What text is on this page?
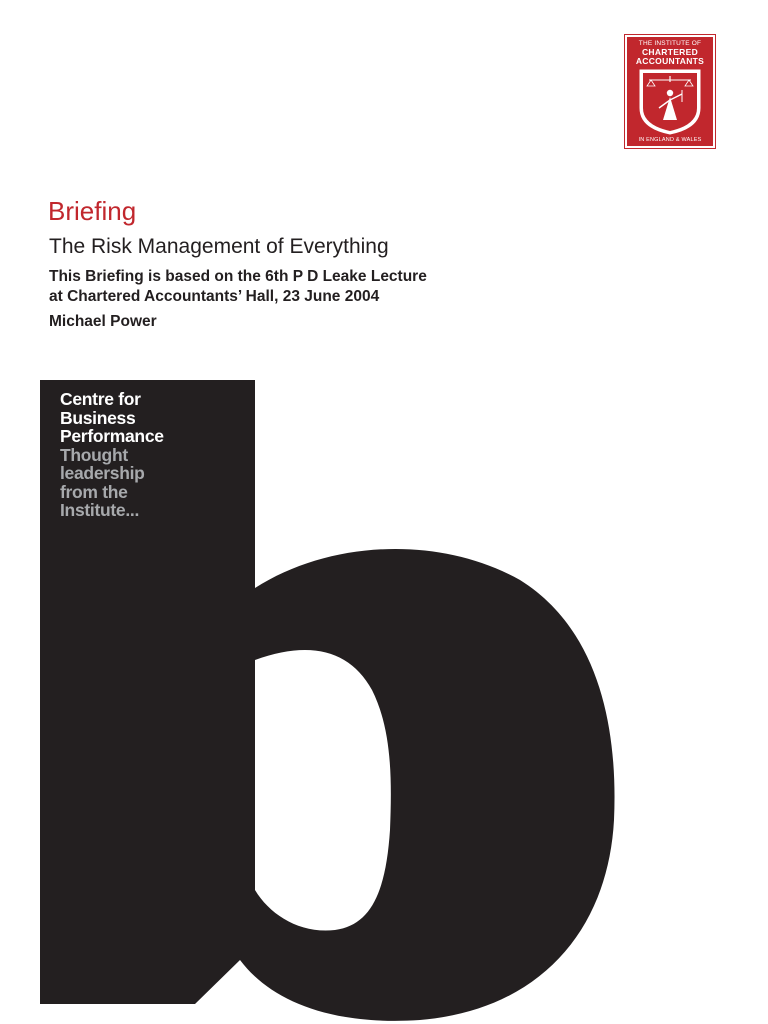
THE INSTITUTE OF
CHARTERED
ACCOUNTANTS
IN ENGLAND & WALES
Briefing
The Risk Management of Everything
This Briefing is based on the 6th P D Leake Lecture
at Chartered Accountants’ Hall, 23 June 2004
Michael Power
Centre for
Business
Performance
Thought
leadership
from the
Institute...
